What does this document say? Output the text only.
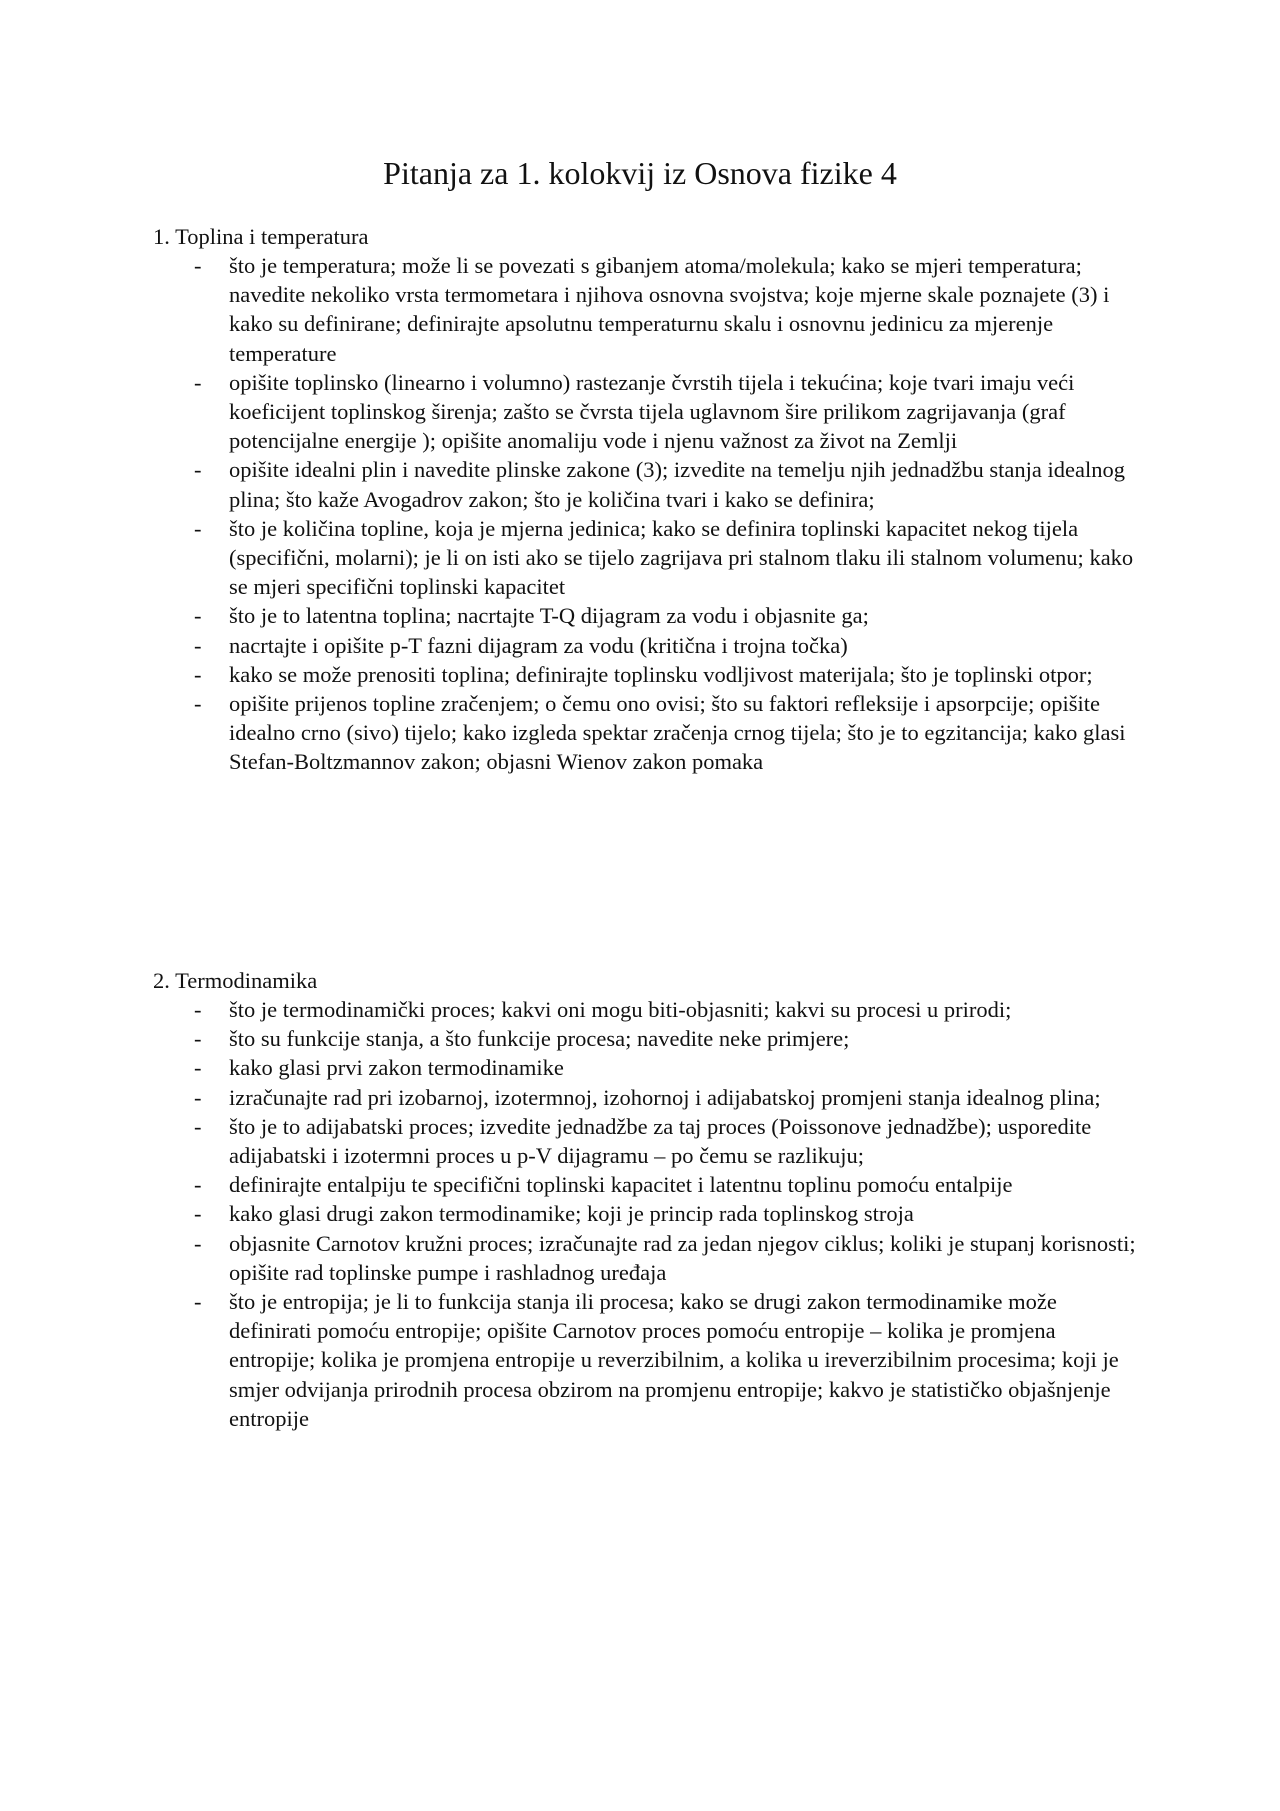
Pitanja za 1. kolokvij iz Osnova fizike 4
1. Toplina i temperatura
- što je temperatura; može li se povezati s gibanjem atoma/molekula; kako se mjeri temperatura; navedite nekoliko vrsta termometara i njihova osnovna svojstva; koje mjerne skale poznajete (3) i kako su definirane; definirajte apsolutnu temperaturnu skalu i osnovnu jedinicu za mjerenje temperature
- opišite toplinsko (linearno i volumno) rastezanje čvrstih tijela i tekućina; koje tvari imaju veći koeficijent toplinskog širenja; zašto se čvrsta tijela uglavnom šire prilikom zagrijavanja (graf potencijalne energije ); opišite anomaliju vode i njenu važnost za život na Zemlji
- opišite idealni plin i navedite plinske zakone (3); izvedite na temelju njih jednadžbu stanja idealnog plina; što kaže Avogadrov zakon; što je količina tvari i kako se definira;
- što je količina topline, koja je mjerna jedinica; kako se definira toplinski kapacitet nekog tijela (specifični, molarni); je li on isti ako se tijelo zagrijava pri stalnom tlaku ili stalnom volumenu; kako se mjeri specifični toplinski kapacitet
- što je to latentna toplina; nacrtajte T-Q dijagram za vodu i objasnite ga;
- nacrtajte i opišite p-T fazni dijagram za vodu (kritična i trojna točka)
- kako se može prenositi toplina; definirajte toplinsku vodljivost materijala; što je toplinski otpor;
- opišite prijenos topline zračenjem; o čemu ono ovisi; što su faktori refleksije i apsorpcije; opišite idealno crno (sivo) tijelo; kako izgleda spektar zračenja crnog tijela; što je to egzitancija; kako glasi Stefan-Boltzmannov zakon; objasni Wienov zakon pomaka
2. Termodinamika
- što je termodinamički proces; kakvi oni mogu biti-objasniti; kakvi su procesi u prirodi;
- što su funkcije stanja, a što funkcije procesa; navedite neke primjere;
- kako glasi prvi zakon termodinamike
- izračunajte rad pri izobarnoj, izotermnoj, izohornoj i adijabatskoj promjeni stanja idealnog plina;
- što je to adijabatski proces; izvedite jednadžbe za taj proces (Poissonove jednadžbe); usporedite adijabatski i izotermni proces u p-V dijagramu – po čemu se razlikuju;
- definirajte entalpiju te specifični toplinski kapacitet i latentnu toplinu pomoću entalpije
- kako glasi drugi zakon termodinamike; koji je princip rada toplinskog stroja
- objasnite Carnotov kružni proces; izračunajte rad za jedan njegov ciklus; koliki je stupanj korisnosti; opišite rad toplinske pumpe i rashladnog uređaja
- što je entropija; je li to funkcija stanja ili procesa; kako se drugi zakon termodinamike može definirati pomoću entropije; opišite Carnotov proces pomoću entropije – kolika je promjena entropije; kolika je promjena entropije u reverzibilnim, a kolika u ireverzibilnim procesima; koji je smjer odvijanja prirodnih procesa obzirom na promjenu entropije; kakvo je statističko objašnjenje entropije
